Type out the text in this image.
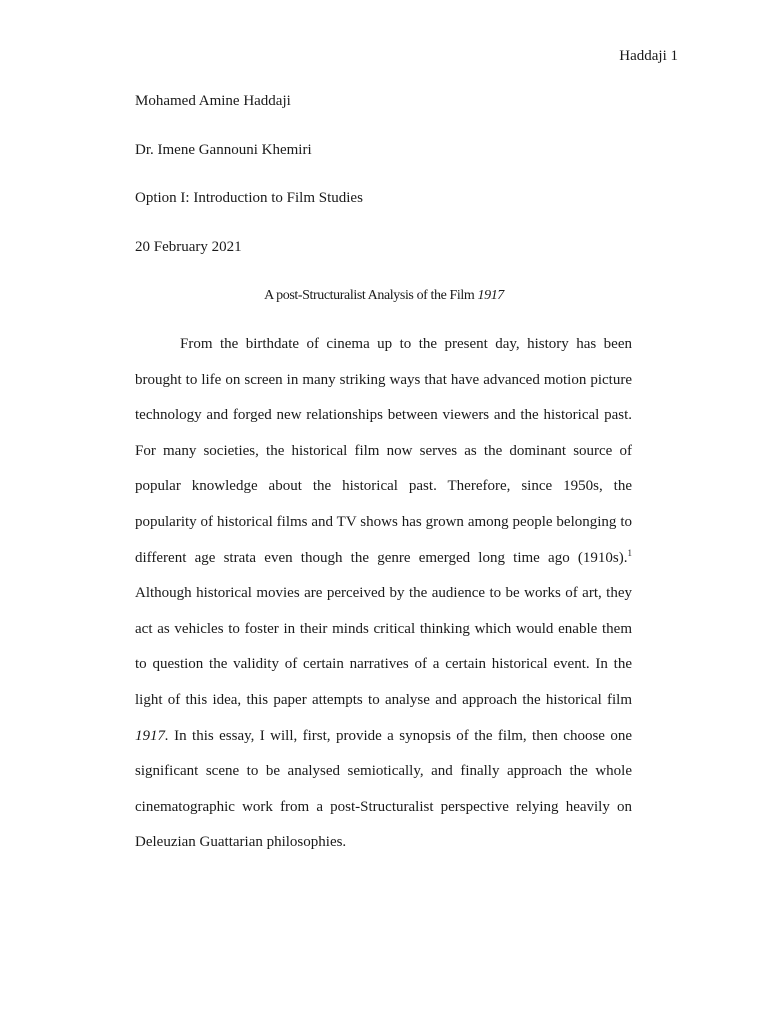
Haddaji 1
Mohamed Amine Haddaji
Dr. Imene Gannouni Khemiri
Option I: Introduction to Film Studies
20 February 2021
A post-Structuralist Analysis of the Film 1917

From the birthdate of cinema up to the present day, history has been brought to life on screen in many striking ways that have advanced motion picture technology and forged new relationships between viewers and the historical past. For many societies, the historical film now serves as the dominant source of popular knowledge about the historical past. Therefore, since 1950s, the popularity of historical films and TV shows has grown among people belonging to different age strata even though the genre emerged long time ago (1910s).$^1$ Although historical movies are perceived by the audience to be works of art, they act as vehicles to foster in their minds critical thinking which would enable them to question the validity of certain narratives of a certain historical event. In the light of this idea, this paper attempts to analyse and approach the historical film 1917. In this essay, I will, first, provide a synopsis of the film, then choose one significant scene to be analysed semiotically, and finally approach the whole cinematographic work from a post-Structuralist perspective relying heavily on Deleuzian Guattarian philosophies.
